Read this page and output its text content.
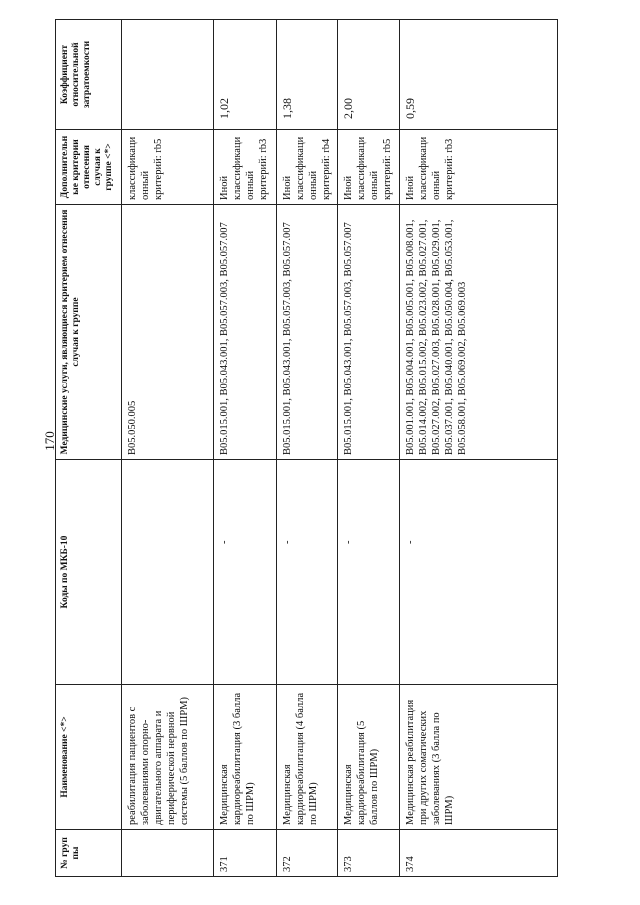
170
№ груп пы	Наименование <*>	Коды по МКБ-10	Медицинские услуги, являющиеся критерием отнесения случая к группе	Дополнительные критерии отнесения случая к группе <*>	Коэффициент относительной затратоемкости
	реабилитация пациентов с заболеваниями опорно-двигательного аппарата и периферической нервной системы (5 баллов по ШРМ)		B05.050.005	классификационный критерий: rb5	
371	Медицинская кардиореабилитация (3 балла по ШРМ)	-	B05.015.001, B05.043.001, B05.057.003, B05.057.007	Иной классификационный критерий: rb3	1,02
372	Медицинская кардиореабилитация (4 балла по ШРМ)	-	B05.015.001, B05.043.001, B05.057.003, B05.057.007	Иной классификационный критерий: rb4	1,38
373	Медицинская кардиореабилитация (5 баллов по ШРМ)	-	B05.015.001, B05.043.001, B05.057.003, B05.057.007	Иной классификационный критерий: rb5	2,00
374	Медицинская реабилитация при других соматических заболеваниях (3 балла по ШРМ)	-	B05.001.001, B05.004.001, B05.005.001, B05.008.001, B05.014.002, B05.015.002, B05.023.002, B05.027.001, B05.027.002, B05.027.003, B05.028.001, B05.029.001, B05.037.001, B05.040.001, B05.050.004, B05.053.001, B05.058.001, B05.069.002, B05.069.003	Иной классификационный критерий: rb3	0,59
